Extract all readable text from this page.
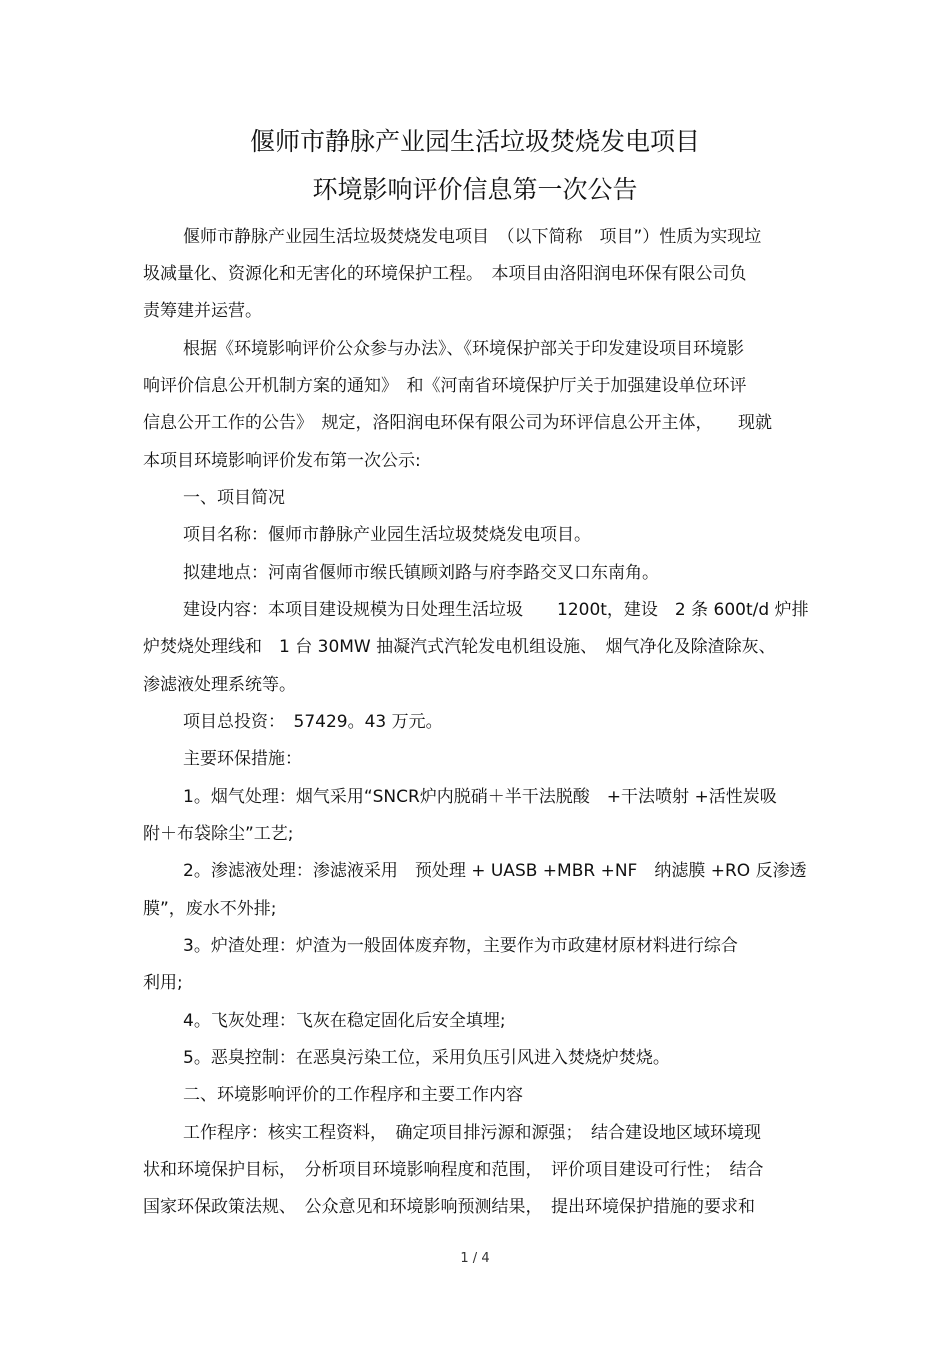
偃师市静脉产业园生活垃圾焚烧发电项目
环境影响评价信息第一次公告
偃师市静脉产业园生活垃圾焚烧发电项目　（以下简称　项目”）性质为实现垃
圾减量化、资源化和无害化的环境保护工程。　本项目由洛阳润电环保有限公司负
责筹建并运营。
根据《环境影响评价公众参与办法》、《环境保护部关于印发建设项目环境影
响评价信息公开机制方案的通知》　和《河南省环境保护厅关于加强建设单位环评
信息公开工作的公告》　规定，洛阳润电环保有限公司为环评信息公开主体，　　现就
本项目环境影响评价发布第一次公示:
一、项目简况
项目名称：偃师市静脉产业园生活垃圾焚烧发电项目。
拟建地点：河南省偃师市缑氏镇顾刘路与府李路交叉口东南角。
建设内容：本项目建设规模为日处理生活垃圾　　1200t，建设　2 条 600t/d 炉排
炉焚烧处理线和　1 台 30MW 抽凝汽式汽轮发电机组设施、　烟气净化及除渣除灰、
渗滤液处理系统等。
项目总投资：　57429。43 万元。
主要环保措施：
1。烟气处理：烟气采用“SNCR炉内脱硝＋半干法脱酸　+干法喷射 +活性炭吸
附＋布袋除尘”工艺;
2。渗滤液处理：渗滤液采用　预处理 + UASB +MBR +NF　纳滤膜 +RO 反渗透
膜”，废水不外排;
3。炉渣处理：炉渣为一般固体废弃物，主要作为市政建材原材料进行综合
利用;
4。飞灰处理：飞灰在稳定固化后安全填埋;
5。恶臭控制：在恶臭污染工位，采用负压引风进入焚烧炉焚烧。
二、环境影响评价的工作程序和主要工作内容
工作程序：核实工程资料，　确定项目排污源和源强；　结合建设地区域环境现
状和环境保护目标，　分析项目环境影响程度和范围，　评价项目建设可行性；　结合
国家环保政策法规、　公众意见和环境影响预测结果，　提出环境保护措施的要求和
1 / 4
